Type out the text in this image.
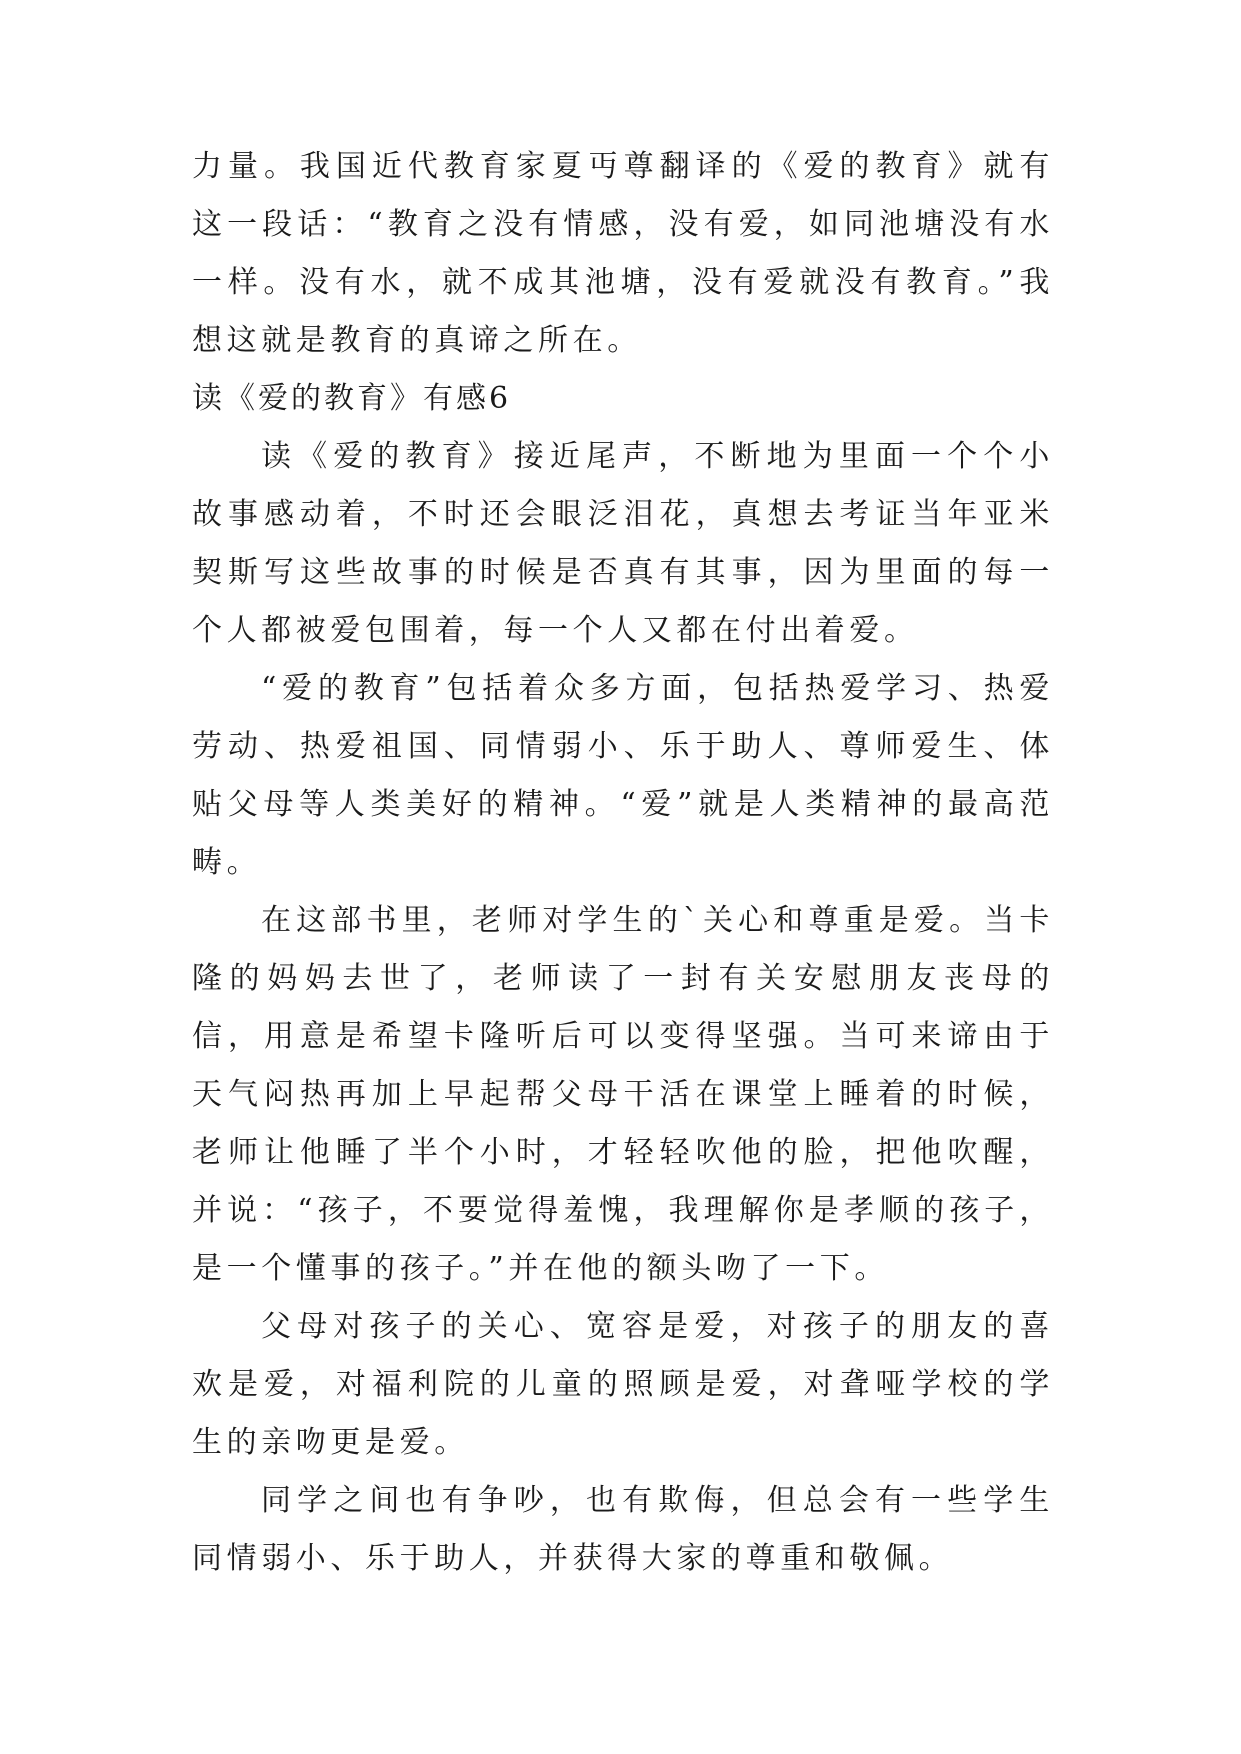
力量。我国近代教育家夏丏尊翻译的《爱的教育》就有这一段话：“教育之没有情感，没有爱，如同池塘没有水一样。没有水，就不成其池塘，没有爱就没有教育。”我想这就是教育的真谛之所在。

读《爱的教育》有感6

读《爱的教育》接近尾声，不断地为里面一个个小故事感动着，不时还会眼泛泪花，真想去考证当年亚米契斯写这些故事的时候是否真有其事，因为里面的每一个人都被爱包围着，每一个人又都在付出着爱。

“爱的教育”包括着众多方面，包括热爱学习、热爱劳动、热爱祖国、同情弱小、乐于助人、尊师爱生、体贴父母等人类美好的精神。“爱”就是人类精神的最高范畴。

在这部书里，老师对学生的`关心和尊重是爱。当卡隆的妈妈去世了，老师读了一封有关安慰朋友丧母的信，用意是希望卡隆听后可以变得坚强。当可来谛由于天气闷热再加上早起帮父母干活在课堂上睡着的时候，老师让他睡了半个小时，才轻轻吹他的脸，把他吹醒，并说：“孩子，不要觉得羞愧，我理解你是孝顺的孩子，是一个懂事的孩子。”并在他的额头吻了一下。

父母对孩子的关心、宽容是爱，对孩子的朋友的喜欢是爱，对福利院的儿童的照顾是爱，对聋哑学校的学生的亲吻更是爱。

同学之间也有争吵，也有欺侮，但总会有一些学生同情弱小、乐于助人，并获得大家的尊重和敬佩。
